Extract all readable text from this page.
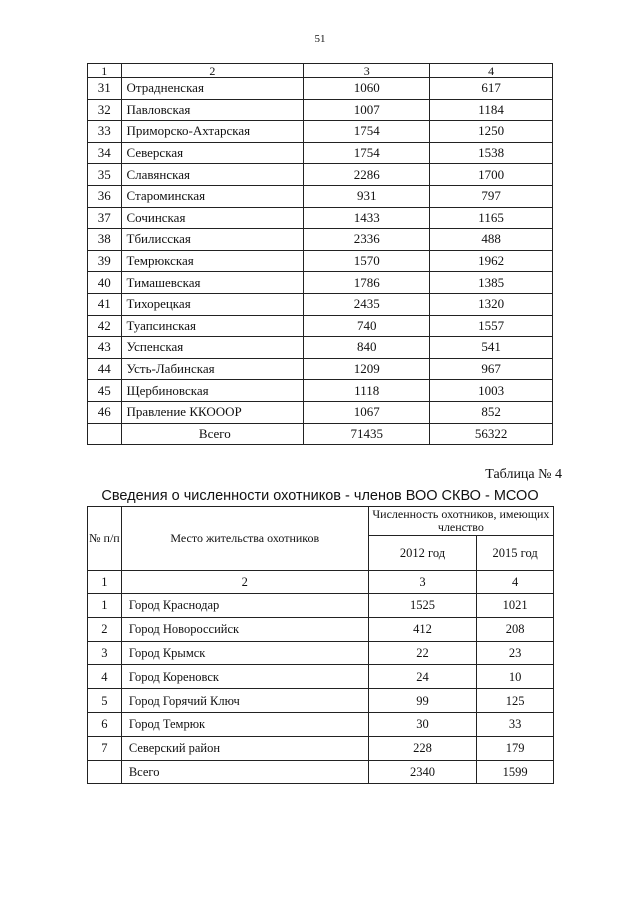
51
1	2	3	4
31	Отрадненская	1060	617
32	Павловская	1007	1184
33	Приморско-Ахтарская	1754	1250
34	Северская	1754	1538
35	Славянская	2286	1700
36	Староминская	931	797
37	Сочинская	1433	1165
38	Тбилисская	2336	488
39	Темрюкская	1570	1962
40	Тимашевская	1786	1385
41	Тихорецкая	2435	1320
42	Туапсинская	740	1557
43	Успенская	840	541
44	Усть-Лабинская	1209	967
45	Щербиновская	1118	1003
46	Правление ККОООР	1067	852
	Всего	71435	56322
Таблица № 4
Сведения о численности охотников - членов ВОО СКВО - МСОО
№ п/п	Место жительства охотников	Численность охотников, имеющих членство	
		2012 год	2015 год
1	2	3	4
1	Город Краснодар	1525	1021
2	Город Новороссийск	412	208
3	Город Крымск	22	23
4	Город Кореновск	24	10
5	Город Горячий Ключ	99	125
6	Город Темрюк	30	33
7	Северский район	228	179
	Всего	2340	1599
